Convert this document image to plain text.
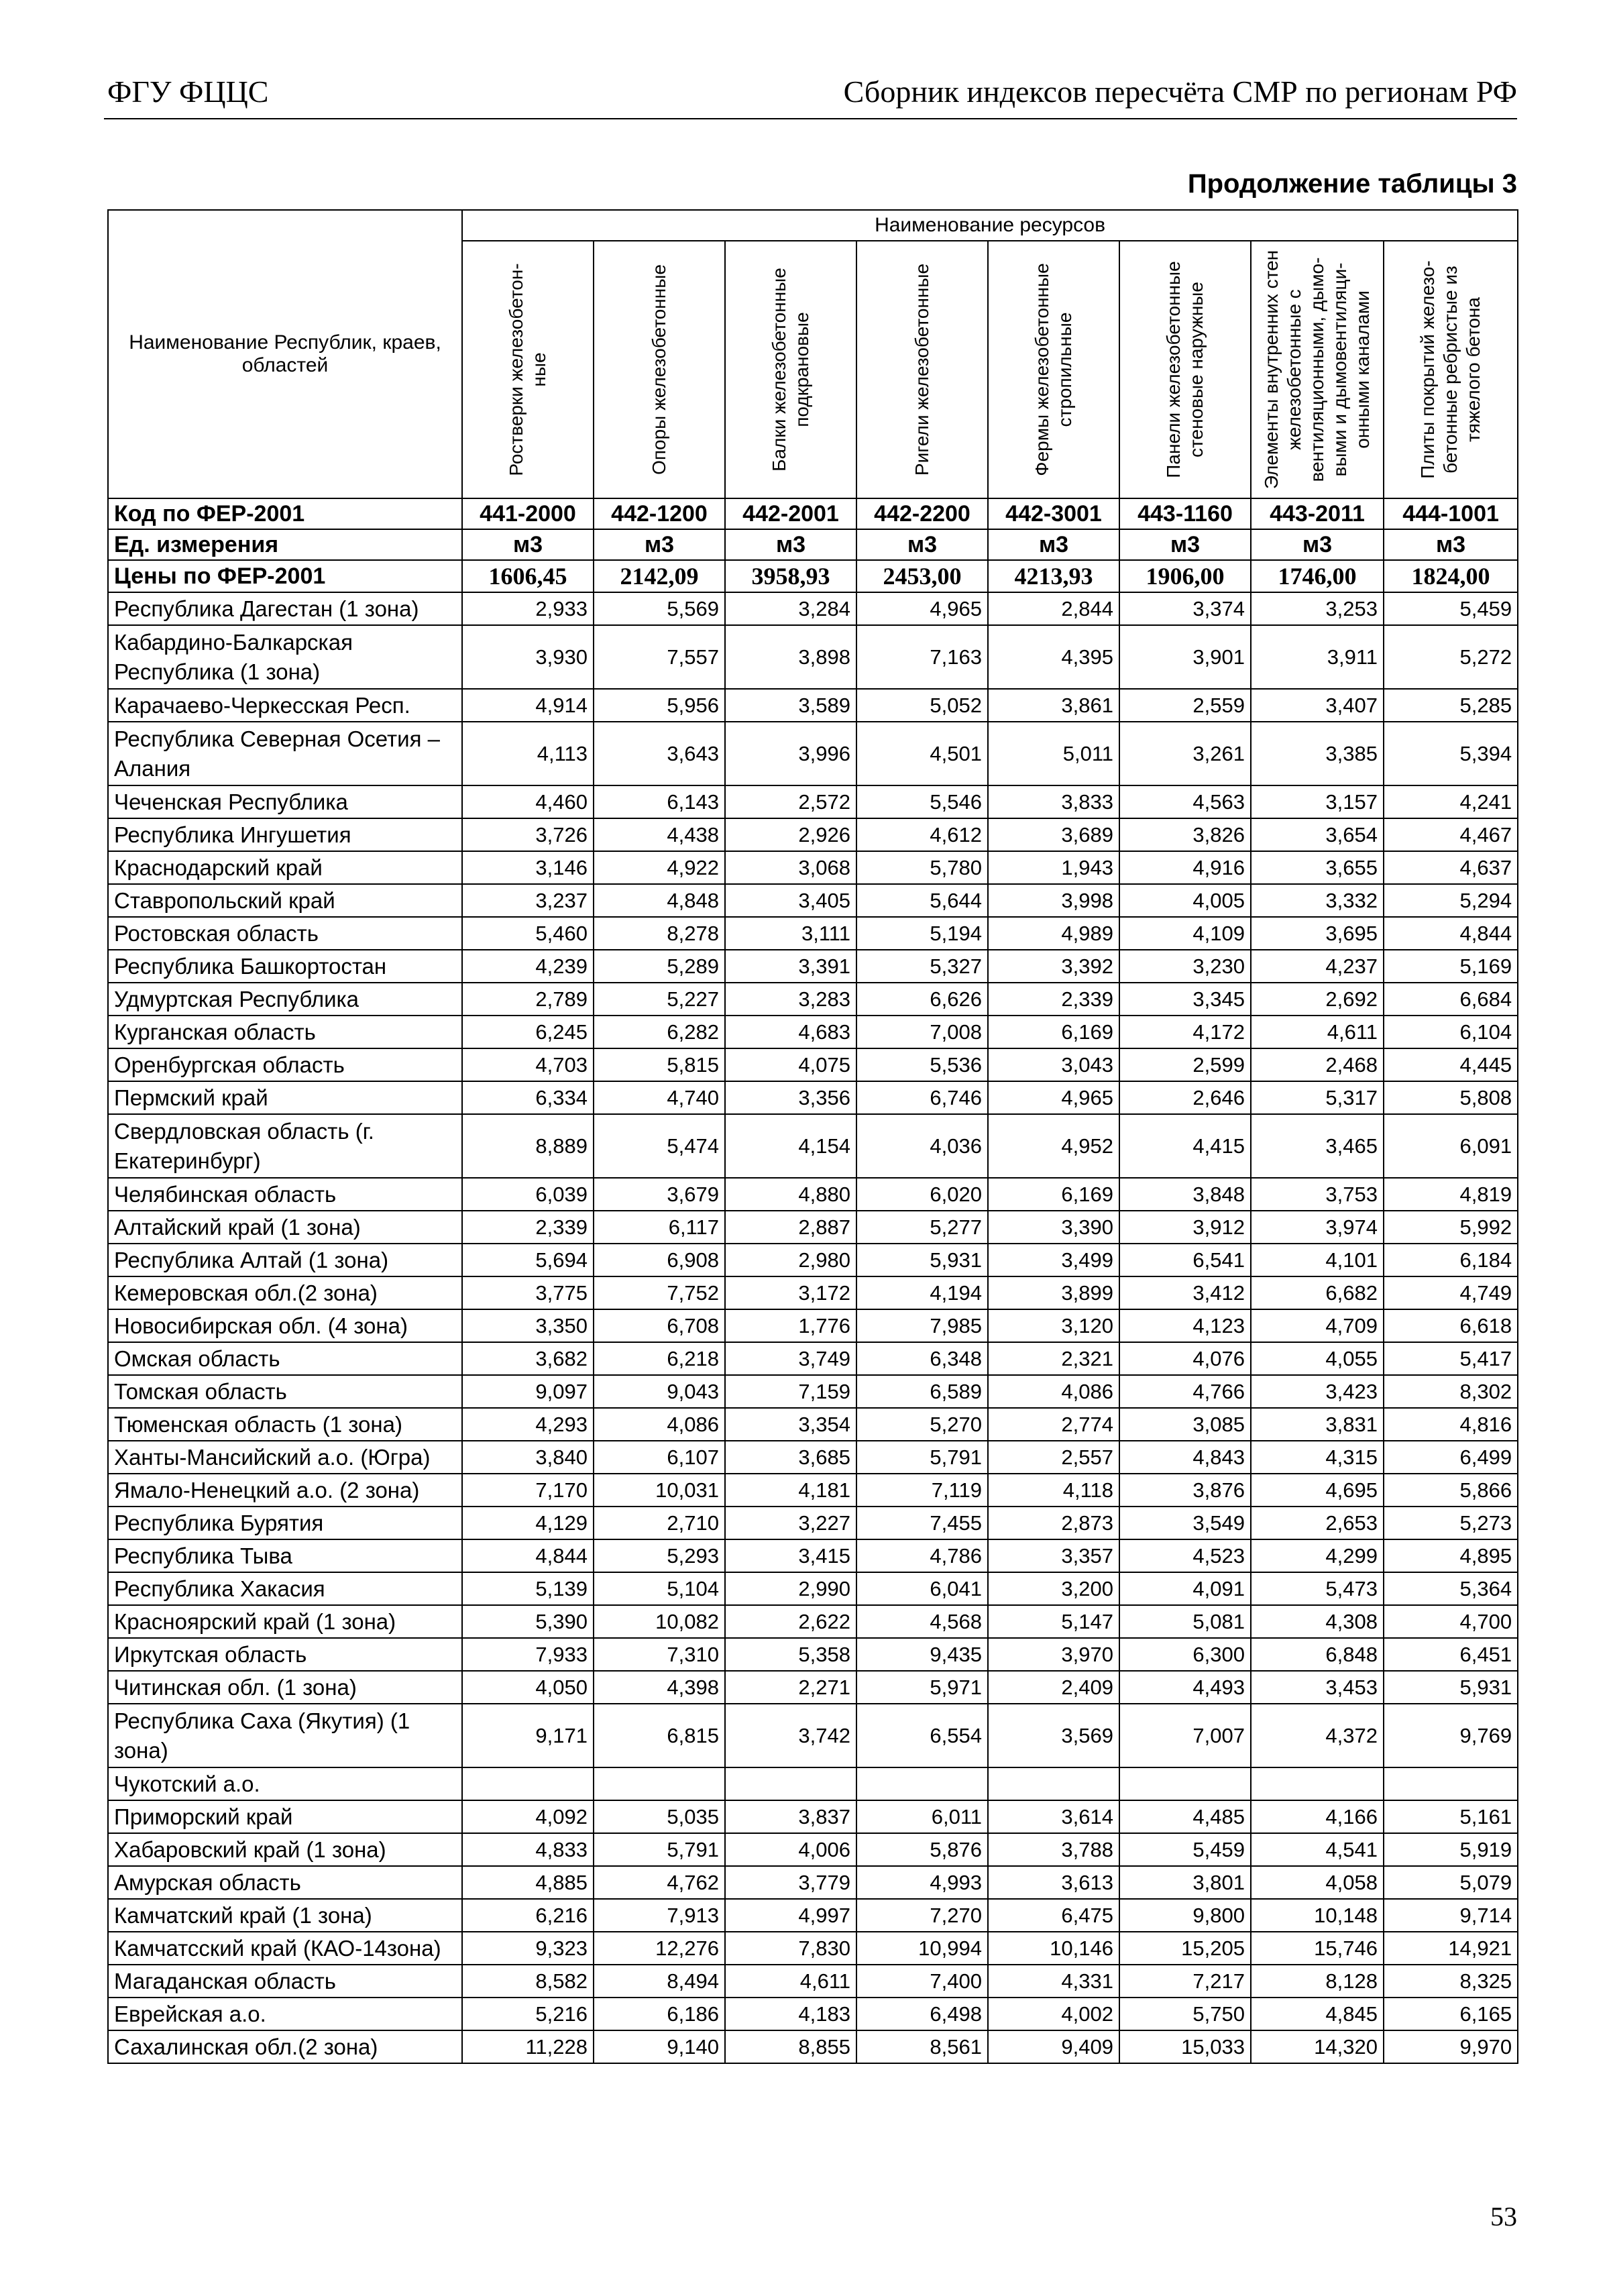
ФГУ ФЦЦС	Сборник индексов пересчёта СМР по регионам РФ
Продолжение таблицы 3
Наименование Республик, краев, областей	Наименование ресурсов							

	Ростверки железобетон-ные	Опоры железобетонные	Балки железобетонные подкрановые	Ригели железобетонные	Фермы железобетонные стропильные	Панели железобетонные стеновые наружные	Элементы внутренних стен железобетонные с вентиляционными, дымо-выми и дымовентиляци-онными каналами	Плиты покрытий железо-бетонные ребристые из тяжелого бетона

Код по ФЕР-2001	441-2000	442-1200	442-2001	442-2200	442-3001	443-1160	443-2011	444-1001
Ед. измерения	м3	м3	м3	м3	м3	м3	м3	м3
Цены по ФЕР-2001	1606,45	2142,09	3958,93	2453,00	4213,93	1906,00	1746,00	1824,00
Республика Дагестан (1 зона)	2,933	5,569	3,284	4,965	2,844	3,374	3,253	5,459
Кабардино-Балкарская Республика (1 зона)	3,930	7,557	3,898	7,163	4,395	3,901	3,911	5,272
Карачаево-Черкесская Респ.	4,914	5,956	3,589	5,052	3,861	2,559	3,407	5,285
Республика Северная Осетия – Алания	4,113	3,643	3,996	4,501	5,011	3,261	3,385	5,394
Чеченская Республика	4,460	6,143	2,572	5,546	3,833	4,563	3,157	4,241
Республика Ингушетия	3,726	4,438	2,926	4,612	3,689	3,826	3,654	4,467
Краснодарский край	3,146	4,922	3,068	5,780	1,943	4,916	3,655	4,637
Ставропольский край	3,237	4,848	3,405	5,644	3,998	4,005	3,332	5,294
Ростовская область	5,460	8,278	3,111	5,194	4,989	4,109	3,695	4,844
Республика Башкортостан	4,239	5,289	3,391	5,327	3,392	3,230	4,237	5,169
Удмуртская Республика	2,789	5,227	3,283	6,626	2,339	3,345	2,692	6,684
Курганская область	6,245	6,282	4,683	7,008	6,169	4,172	4,611	6,104
Оренбургская область	4,703	5,815	4,075	5,536	3,043	2,599	2,468	4,445
Пермский край	6,334	4,740	3,356	6,746	4,965	2,646	5,317	5,808
Свердловская область (г. Екатеринбург)	8,889	5,474	4,154	4,036	4,952	4,415	3,465	6,091
Челябинская область	6,039	3,679	4,880	6,020	6,169	3,848	3,753	4,819
Алтайский край (1 зона)	2,339	6,117	2,887	5,277	3,390	3,912	3,974	5,992
Республика Алтай (1 зона)	5,694	6,908	2,980	5,931	3,499	6,541	4,101	6,184
Кемеровская обл.(2 зона)	3,775	7,752	3,172	4,194	3,899	3,412	6,682	4,749
Новосибирская обл. (4 зона)	3,350	6,708	1,776	7,985	3,120	4,123	4,709	6,618
Омская область	3,682	6,218	3,749	6,348	2,321	4,076	4,055	5,417
Томская область	9,097	9,043	7,159	6,589	4,086	4,766	3,423	8,302
Тюменская область (1 зона)	4,293	4,086	3,354	5,270	2,774	3,085	3,831	4,816
Ханты-Мансийский а.о. (Югра)	3,840	6,107	3,685	5,791	2,557	4,843	4,315	6,499
Ямало-Ненецкий а.о. (2 зона)	7,170	10,031	4,181	7,119	4,118	3,876	4,695	5,866
Республика Бурятия	4,129	2,710	3,227	7,455	2,873	3,549	2,653	5,273
Республика Тыва	4,844	5,293	3,415	4,786	3,357	4,523	4,299	4,895
Республика Хакасия	5,139	5,104	2,990	6,041	3,200	4,091	5,473	5,364
Красноярский край (1 зона)	5,390	10,082	2,622	4,568	5,147	5,081	4,308	4,700
Иркутская область	7,933	7,310	5,358	9,435	3,970	6,300	6,848	6,451
Читинская обл. (1 зона)	4,050	4,398	2,271	5,971	2,409	4,493	3,453	5,931
Республика Саха (Якутия) (1 зона)	9,171	6,815	3,742	6,554	3,569	7,007	4,372	9,769
Чукотский а.о.								
Приморский край	4,092	5,035	3,837	6,011	3,614	4,485	4,166	5,161
Хабаровский край (1 зона)	4,833	5,791	4,006	5,876	3,788	5,459	4,541	5,919
Амурская область	4,885	4,762	3,779	4,993	3,613	3,801	4,058	5,079
Камчатский край (1 зона)	6,216	7,913	4,997	7,270	6,475	9,800	10,148	9,714
Камчатсский край (КАО-14зона)	9,323	12,276	7,830	10,994	10,146	15,205	15,746	14,921
Магаданская область	8,582	8,494	4,611	7,400	4,331	7,217	8,128	8,325
Еврейская а.о.	5,216	6,186	4,183	6,498	4,002	5,750	4,845	6,165
Сахалинская обл.(2 зона)	11,228	9,140	8,855	8,561	9,409	15,033	14,320	9,970
53
